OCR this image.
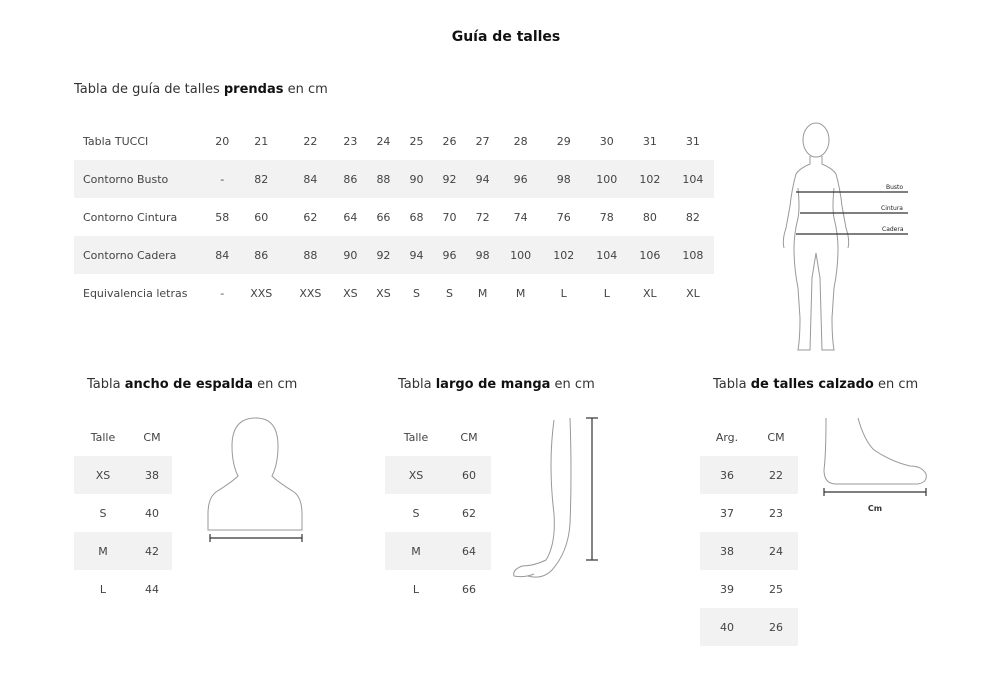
Guía de talles
Tabla de guía de talles prendas en cm
Tabla TUCCI	20	21	22	23	24	25	26	27	28	29	30	31	31
Contorno Busto	-	82	84	86	88	90	92	94	96	98	100	102	104
Contorno Cintura	58	60	62	64	66	68	70	72	74	76	78	80	82
Contorno Cadera	84	86	88	90	92	94	96	98	100	102	104	106	108
Equivalencia letras	-	XXS	XXS	XS	XS	S	S	M	M	L	L	XL	XL
Busto
Cintura
Cadera
Tabla ancho de espalda en cm
Talle	CM
XS	38
S	40
M	42
L	44
Tabla largo de manga en cm
Talle	CM
XS	60
S	62
M	64
L	66
Tabla de talles calzado en cm
Arg.	CM
36	22
37	23
38	24
39	25
40	26
Cm
